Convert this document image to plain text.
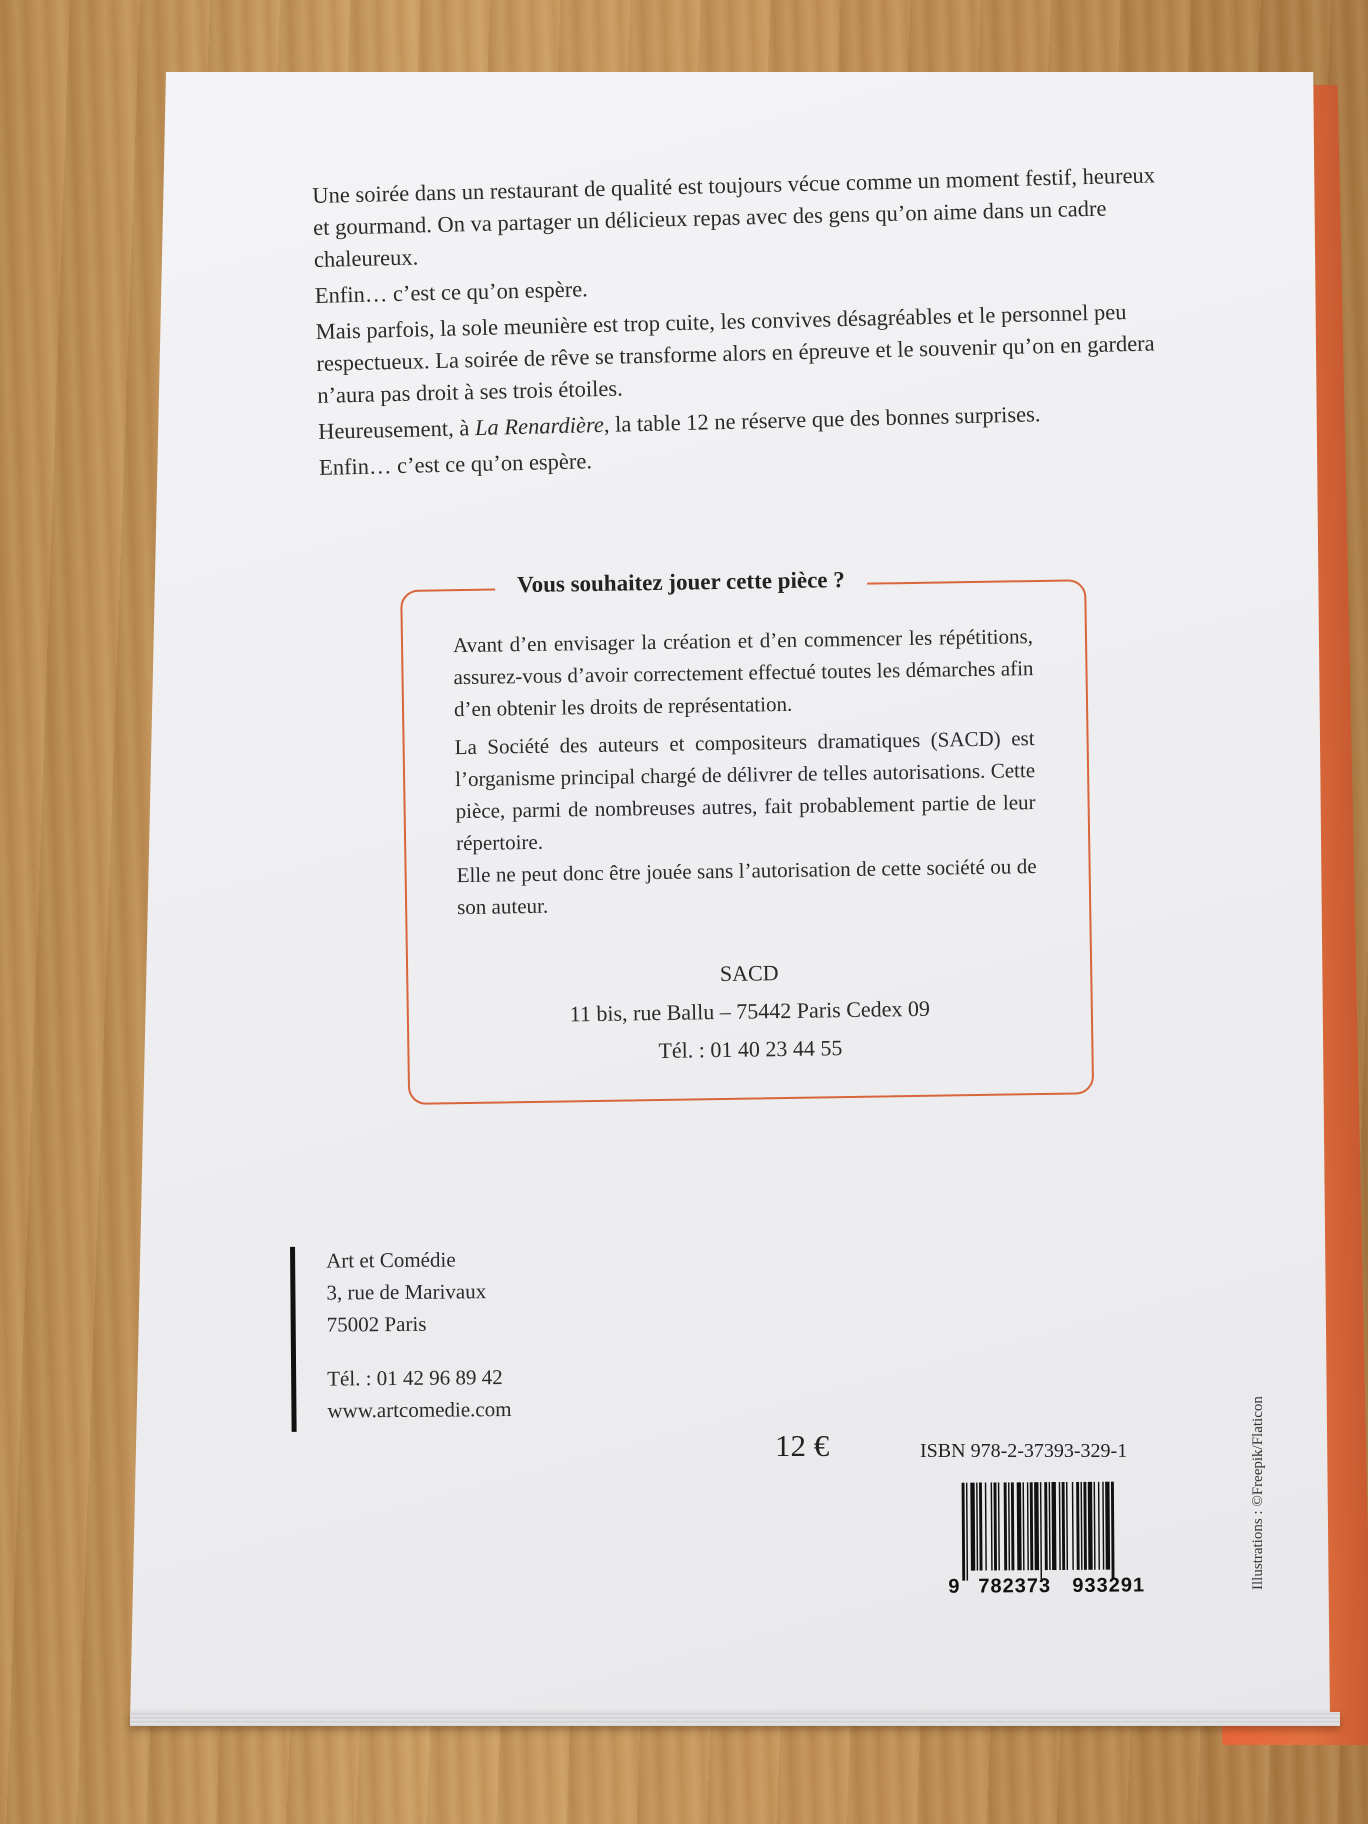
Une soirée dans un restaurant de qualité est toujours vécue comme un moment festif, heureux et gourmand. On va partager un délicieux repas avec des gens qu’on aime dans un cadre chaleureux.

Enfin… c’est ce qu’on espère.

Mais parfois, la sole meunière est trop cuite, les convives désagréables et le personnel peu respectueux. La soirée de rêve se transforme alors en épreuve et le souvenir qu’on en gardera n’aura pas droit à ses trois étoiles.

Heureusement, à La Renardière, la table 12 ne réserve que des bonnes surprises.

Enfin… c’est ce qu’on espère.

Vous souhaitez jouer cette pièce ?

Avant d’en envisager la création et d’en commencer les répétitions, assurez-vous d’avoir correctement effectué toutes les démarches afin d’en obtenir les droits de représentation.

La Société des auteurs et compositeurs dramatiques (SACD) est l’organisme principal chargé de délivrer de telles autorisations. Cette pièce, parmi de nombreuses autres, fait probablement partie de leur répertoire.

Elle ne peut donc être jouée sans l’autorisation de cette société ou de son auteur.

SACD
11 bis, rue Ballu – 75442 Paris Cedex 09
Tél. : 01 40 23 44 55
Art et Comédie
3, rue de Marivaux
75002 Paris
Tél. : 01 42 96 89 42
www.artcomedie.com
12 €	ISBN 978-2-37393-329-1
9 782373 933291	Illustrations : ©Freepik/Flaticon
